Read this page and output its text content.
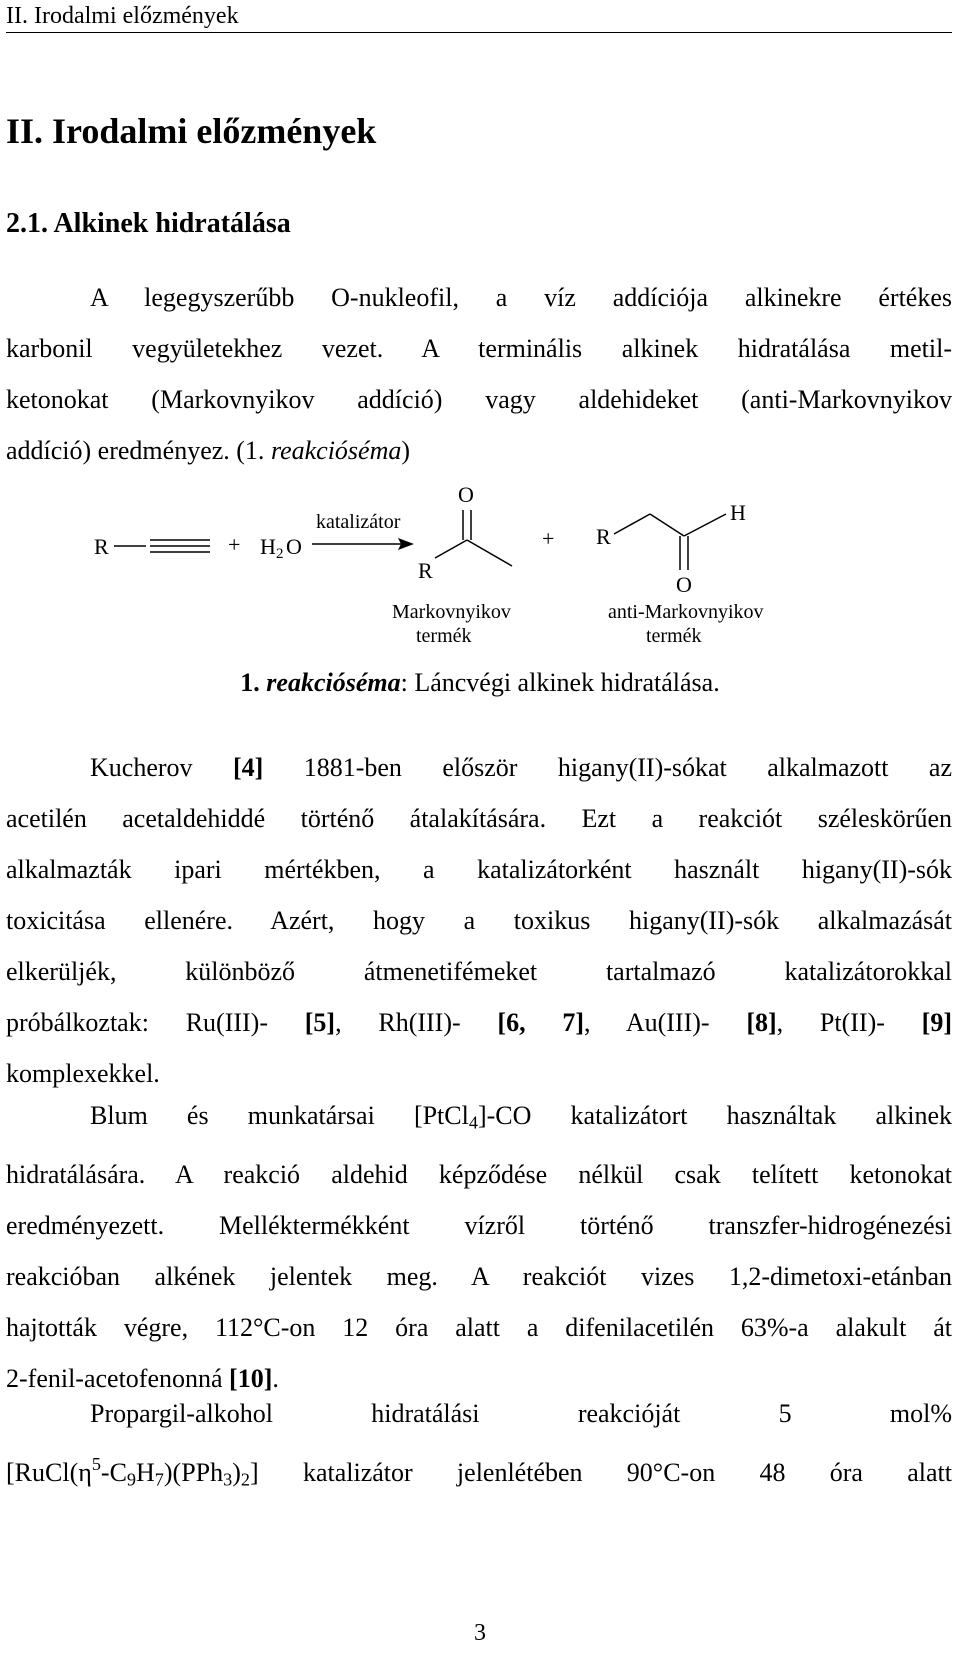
II. Irodalmi előzmények
II. Irodalmi előzmények
2.1. Alkinek hidratálása
A legegyszerűbb O-nukleofil, a víz addíciója alkinekre értékes
karbonil vegyületekhez vezet. A terminális alkinek hidratálása metil-
ketonokat (Markovnyikov addíció) vagy aldehideket (anti-Markovnyikov
addíció) eredményez. (1. reakcióséma)
R	+ H 2 O
katalizátor
O
R
+ R
H
O
Markovnyikov
termék
anti-Markovnyikov
termék
1. reakcióséma: Láncvégi alkinek hidratálása.
Kucherov [4] 1881-ben először higany(II)-sókat alkalmazott az
acetilén acetaldehiddé történő átalakítására. Ezt a reakciót széleskörűen
alkalmazták ipari mértékben, a katalizátorként használt higany(II)-sók
toxicitása ellenére. Azért, hogy a toxikus higany(II)-sók alkalmazását
elkerüljék, különböző átmenetifémeket tartalmazó katalizátorokkal
próbálkoztak: Ru(III)- [5], Rh(III)- [6, 7], Au(III)- [8], Pt(II)- [9]
komplexekkel.
Blum és munkatársai [PtCl$_4$]-CO katalizátort használtak alkinek
hidratálására. A reakció aldehid képződése nélkül csak telített ketonokat
eredményezett. Melléktermékként vízről történő transzfer-hidrogénezési
reakcióban alkének jelentek meg. A reakciót vizes 1,2-dimetoxi-etánban
hajtották végre, 112°C-on 12 óra alatt a difenilacetilén 63%-a alakult át
2-fenil-acetofenonná [10].
Propargil-alkohol hidratálási reakcióját 5 mol%
$[RuCl(\eta^5-C_9H_7)(PPh_3)_2]$ katalizátor jelenlétében 90°C-on 48 óra alatt
3
